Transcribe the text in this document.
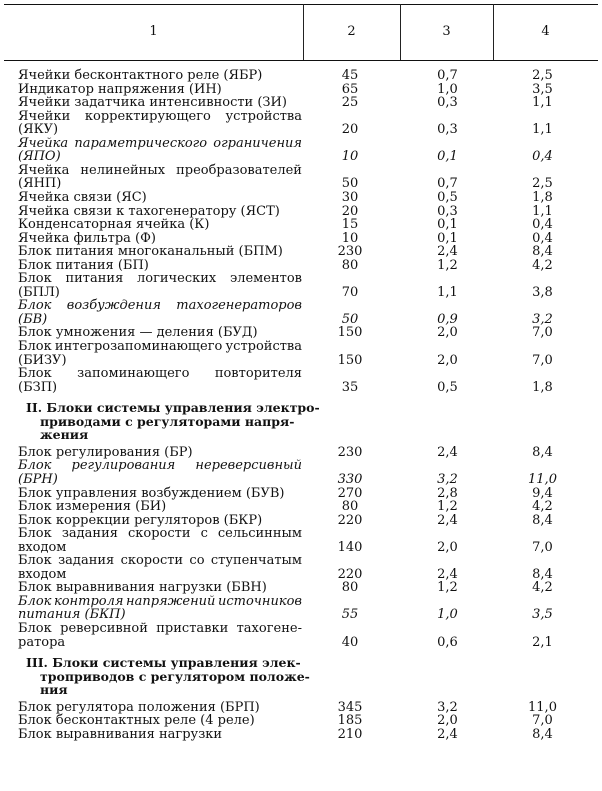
1	2	3	4
Ячейки бесконтактного реле (ЯБР)	45	0,7	2,5
Индикатор напряжения (ИН)	65	1,0	3,5
Ячейки задатчика интенсивности (ЗИ)	25	0,3	1,1
Ячейки корректирующего устройства
(ЯКУ)	20	0,3	1,1
Ячейка параметрического ограничения
(ЯПО)	10	0,1	0,4
Ячейка нелинейных преобразователей
(ЯНП)	50	0,7	2,5
Ячейка связи (ЯС)	30	0,5	1,8
Ячейка связи к тахогенератору (ЯСТ)	20	0,3	1,1
Конденсаторная ячейка (К)	15	0,1	0,4
Ячейка фильтра (Ф)	10	0,1	0,4
Блок питания многоканальный (БПМ)	230	2,4	8,4
Блок питания (БП)	80	1,2	4,2
Блок питания логических элементов
(БПЛ)	70	1,1	3,8
Блок возбуждения тахогенераторов
(БВ)	50	0,9	3,2
Блок умножения — деления (БУД)	150	2,0	7,0
Блок интегрозапоминающего устройства
(БИЗУ)	150	2,0	7,0
Блок запоминающего повторителя
(БЗП)	35	0,5	1,8
II. Блоки системы управления электро-
приводами с регуляторами напря-
жения
Блок регулирования (БР)	230	2,4	8,4
Блок регулирования нереверсивный
(БРН)	330	3,2	11,0
Блок управления возбуждением (БУВ)	270	2,8	9,4
Блок измерения (БИ)	80	1,2	4,2
Блок коррекции регуляторов (БКР)	220	2,4	8,4
Блок задания скорости с сельсинным
входом	140	2,0	7,0
Блок задания скорости со ступенчатым
входом	220	2,4	8,4
Блок выравнивания нагрузки (БВН)	80	1,2	4,2
Блок контроля напряжений источников
питания (БКП)	55	1,0	3,5
Блок реверсивной приставки тахогене-
ратора	40	0,6	2,1
III. Блоки системы управления элек-
троприводов с регулятором положе-
ния
Блок регулятора положения (БРП)	345	3,2	11,0
Блок бесконтактных реле (4 реле)	185	2,0	7,0
Блок выравнивания нагрузки	210	2,4	8,4
